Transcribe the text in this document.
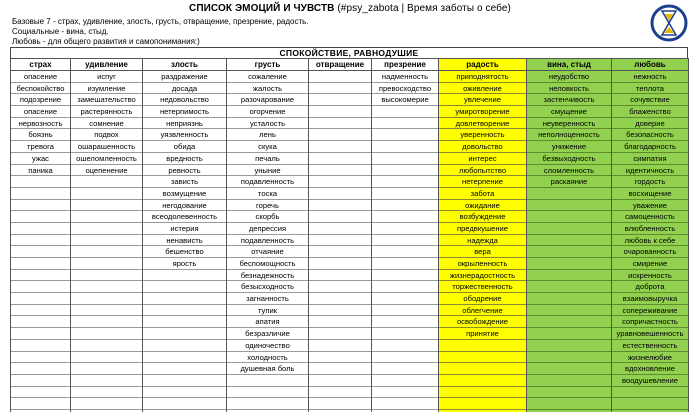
СПИСОК ЭМОЦИЙ И ЧУВСТВ (#psy_zabota | Время заботы о себе)
Базовые 7 - страх, удивление, злость, грусть, отвращение, презрение, радость.
Социальные - вина, стыд.
Любовь - для общего развития и самопонимания:)
СПОКОЙСТВИЕ, РАВНОДУШИЕ
страх
опасение
беспокойство
подозрение
опасение
нервозность
боязнь
тревога
ужас
паника
удивление
испуг
изумление
замешательство
растерянность
сомнение
подвох
ошарашенность
ошеломленность
оцепенение
злость
раздражение
досада
недовольство
нетерпимость
неприязнь
уязвленность
обида
вредность
ревность
зависть
возмущение
негодование
всеодолевенность
истерия
ненависть
бешенство
ярость
грусть
сожаление
жалость
разочарование
огорчение
усталость
лень
скука
печаль
уныние
подавленность
тоска
горечь
скорбь
депрессия
подавленность
отчаяние
беспомощность
безнадежность
безысходность
загнанность
тупик
апатия
безразличие
одиночество
холодность
душевная боль
отвращение	презрение
надменность
превосходство
высокомерие
радость
приподнятость
оживление
увлечение
умиротворение
довлетворение
уверенность
довольство
интерес
любопытство
нетерпение
забота
ожидание
возбуждение
предвкушение
надежда
вера
окрыленность
жизнерадостность
торжественность
ободрение
облегчение
освобождение
принятие
вина, стыд
неудобство
неловкость
застенчивость
смущение
неуверенность
неполноценность
унижение
безвыходность
сломленность
раскаяние
любовь
нежность
теплота
сочувствие
блаженство
доверие
безопасность
благодарность
симпатия
идентичность
гордость
восхищение
уважение
самоценность
влюбленность
любовь к себе
очарованность
смирение
искренность
доброта
взаимовыручка
сопереживание
сопричастность
уравновешенность
естественность
жизнелюбие
вдохновление
воодушевление
